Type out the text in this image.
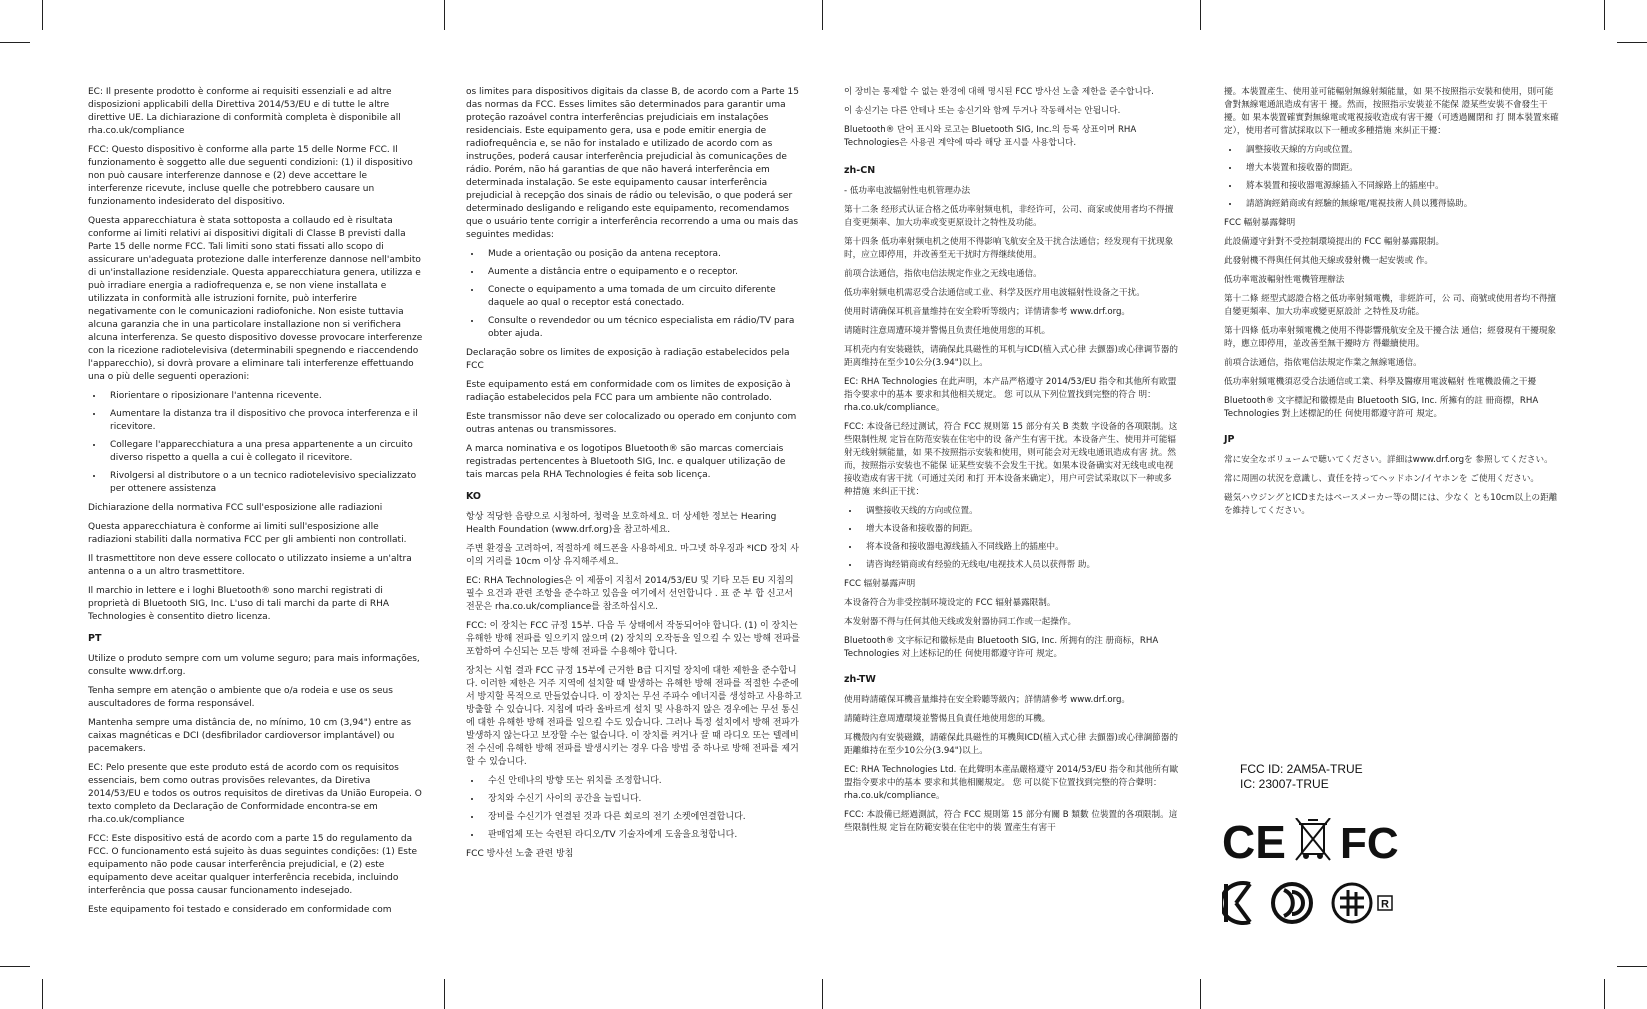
EC: Il presente prodotto è conforme ai requisiti essenziali e ad altre disposizioni applicabili della Direttiva 2014/53/EU e di tutte le altre direttive UE. La dichiarazione di conformità completa è disponibile all rha.co.uk/compliance

FCC: Questo dispositivo è conforme alla parte 15 delle Norme FCC. Il funzionamento è soggetto alle due seguenti condizioni: (1) il dispositivo non può causare interferenze dannose e (2) deve accettare le interferenze ricevute, incluse quelle che potrebbero causare un funzionamento indesiderato del dispositivo.

Questa apparecchiatura è stata sottoposta a collaudo ed è risultata conforme ai limiti relativi ai dispositivi digitali di Classe B previsti dalla Parte 15 delle norme FCC. Tali limiti sono stati fissati allo scopo di assicurare un'adeguata protezione dalle interferenze dannose nell'ambito di un'installazione residenziale. Questa apparecchiatura genera, utilizza e può irradiare energia a radiofrequenza e, se non viene installata e utilizzata in conformità alle istruzioni fornite, può interferire negativamente con le comunicazioni radiofoniche. Non esiste tuttavia alcuna garanzia che in una particolare installazione non si verifichera alcuna interferenza. Se questo dispositivo dovesse provocare interferenze con la ricezione radiotelevisiva (determinabili spegnendo e riaccendendo l'apparecchio), si dovrà provare a eliminare tali interferenze effettuando una o più delle seguenti operazioni:

• Riorientare o riposizionare l'antenna ricevente.
• Aumentare la distanza tra il dispositivo che provoca interferenza e il ricevitore.
• Collegare l'apparecchiatura a una presa appartenente a un circuito diverso rispetto a quella a cui è collegato il ricevitore.
• Rivolgersi al distributore o a un tecnico radiotelevisivo specializzato per ottenere assistenza

Dichiarazione della normativa FCC sull'esposizione alle radiazioni

Questa apparecchiatura è conforme ai limiti sull'esposizione alle radiazioni stabiliti dalla normativa FCC per gli ambienti non controllati.

Il trasmettitore non deve essere collocato o utilizzato insieme a un'altra antenna o a un altro trasmettitore.

Il marchio in lettere e i loghi Bluetooth® sono marchi registrati di proprietà di Bluetooth SIG, Inc. L'uso di tali marchi da parte di RHA Technologies è consentito dietro licenza.

PT

Utilize o produto sempre com um volume seguro; para mais informações, consulte www.drf.org.

Tenha sempre em atenção o ambiente que o/a rodeia e use os seus auscultadores de forma responsável.

Mantenha sempre uma distância de, no mínimo, 10 cm (3,94") entre as caixas magnéticas e DCI (desfibrilador cardioversor implantável) ou pacemakers.

EC: Pelo presente que este produto está de acordo com os requisitos essenciais, bem como outras provisões relevantes, da Diretiva 2014/53/EU e todos os outros requisitos de diretivas da União Europeia. O texto completo da Declaração de Conformidade encontra-se em rha.co.uk/compliance

FCC: Este dispositivo está de acordo com a parte 15 do regulamento da FCC. O funcionamento está sujeito às duas seguintes condições: (1) Este equipamento não pode causar interferência prejudicial, e (2) este equipamento deve aceitar qualquer interferência recebida, incluindo interferência que possa causar funcionamento indesejado.

Este equipamento foi testado e considerado em conformidade com

os limites para dispositivos digitais da classe B, de acordo com a Parte 15 das normas da FCC. Esses limites são determinados para garantir uma proteção razoável contra interferências prejudiciais em instalações residenciais. Este equipamento gera, usa e pode emitir energia de radiofrequência e, se não for instalado e utilizado de acordo com as instruções, poderá causar interferência prejudicial às comunicações de rádio. Porém, não há garantias de que não haverá interferência em determinada instalação. Se este equipamento causar interferência prejudicial à recepção dos sinais de rádio ou televisão, o que poderá ser determinado desligando e religando este equipamento, recomendamos que o usuário tente corrigir a interferência recorrendo a uma ou mais das seguintes medidas:

• Mude a orientação ou posição da antena receptora.
• Aumente a distância entre o equipamento e o receptor.
• Conecte o equipamento a uma tomada de um circuito diferente daquele ao qual o receptor está conectado.
• Consulte o revendedor ou um técnico especialista em rádio/TV para obter ajuda.

Declaração sobre os limites de exposição à radiação estabelecidos pela FCC

Este equipamento está em conformidade com os limites de exposição à radiação estabelecidos pela FCC para um ambiente não controlado.

Este transmissor não deve ser colocalizado ou operado em conjunto com outras antenas ou transmissores.

A marca nominativa e os logotipos Bluetooth® são marcas comerciais registradas pertencentes à Bluetooth SIG, Inc. e qualquer utilização de tais marcas pela RHA Technologies é feita sob licença.

KO

항상 적당한 음량으로 시청하여, 청력을 보호하세요. 더 상세한 정보는 Hearing Health Foundation (www.drf.org)을 참고하세요.

주변 환경을 고려하여, 적절하게 헤드폰을 사용하세요. 마그넷 하우징과 *ICD 장치 사이의 거리를 10cm 이상 유지해주세요.

EC: RHA Technologies은 이 제품이 지침서 2014/53/EU 및 기타 모든 EU 지침의 필수 요건과 관련 조항을 준수하고 있음을 여기에서 선언합니다 . 표 준 부 합 신고서 전문은 rha.co.uk/compliance를 참조하십시오.

FCC: 이 장치는 FCC 규정 15부. 다음 두 상태에서 작동되어야 합니다. (1) 이 장치는 유해한 방해 전파를 일으키지 않으며 (2) 장치의 오작동을 일으킬 수 있는 방해 전파를 포함하여 수신되는 모든 방해 전파를 수용해야 합니다.

장치는 시험 결과 FCC 규정 15부에 근거한 B급 디지털 장치에 대한 제한을 준수합니다. 이러한 제한은 거주 지역에 설치할 때 발생하는 유해한 방해 전파를 적절한 수준에서 방지할 목적으로 만들었습니다. 이 장치는 무선 주파수 에너지를 생성하고 사용하고 방출할 수 있습니다. 지침에 따라 올바르게 설치 및 사용하지 않은 경우에는 무선 통신에 대한 유해한 방해 전파를 일으킬 수도 있습니다. 그러나 특정 설치에서 방해 전파가 발생하지 않는다고 보장할 수는 없습니다. 이 장치를 켜거나 끌 때 라디오 또는 텔레비전 수신에 유해한 방해 전파를 발생시키는 경우 다음 방법 중 하나로 방해 전파를 제거할 수 있습니다.

• 수신 안테나의 방향 또는 위치를 조정합니다.
• 장치와 수신기 사이의 공간을 늘립니다.
• 장비를 수신기가 연결된 것과 다른 회로의 전기 소켓에연결합니다.
• 판매업체 또는 숙련된 라디오/TV 기술자에게 도움을요청합니다.

FCC 방사선 노출 관련 방침

이 장비는 통제할 수 없는 환경에 대해 명시된 FCC 방사선 노출 제한을 준수합니다.

이 송신기는 다른 안테나 또는 송신기와 함께 두거나 작동해서는 안됩니다.

Bluetooth® 단어 표시와 로고는 Bluetooth SIG, Inc.의 등록 상표이며 RHA Technologies은 사용권 계약에 따라 해당 표시를 사용합니다.

zh-CN

- 低功率电波辐射性电机管理办法

第十二条 经形式认证合格之低功率射频电机，非经许可，公司、商家或使用者均不得擅自变更频率、加大功率或变更原设计之特性及功能。

第十四条 低功率射频电机之使用不得影响飞航安全及干扰合法通信；经发现有干扰现象时，应立即停用，并改善至无干扰时方得继续使用。

前项合法通信，指依电信法规定作业之无线电通信。

低功率射频电机需忍受合法通信或工业、科学及医疗用电波辐射性设备之干扰。

使用时请确保耳机音量维持在安全聆听等级内；详情请参考 www.drf.org。

请随时注意周遭环境并警惕且负责任地使用您的耳机。

耳机壳内有安装磁铁，请确保此具磁性的耳机与ICD(植入式心律 去颤器)或心律调节器的距离维持在至少10公分(3.94")以上。

EC: RHA Technologies 在此声明，本产品严格遵守 2014/53/EU 指令和其他所有欧盟指令要求中的基本 要求和其他相关规定。 您 可以从下列位置找到完整的符合 明： rha.co.uk/compliance。

FCC: 本设备已经过测试，符合 FCC 规则第 15 部分有关 B 类数 字设备的各项限制。这些限制性规 定旨在防范安装在住宅中的设 备产生有害干扰。本设备产生、使用并可能辐射无线射频能量，如 果不按照指示安装和使用，则可能会对无线电通讯造成有害 扰。然而，按照指示安装也不能保 证某些安装不会发生干扰。如果本设备确实对无线电或电视接收造成有害干扰（可通过关闭 和打 开本设备来确定），用户可尝试采取以下一种或多种措施 来纠正干扰：

• 调整接收天线的方向或位置。
• 增大本设备和接收器的间距。
• 将本设备和接收器电源线插入不同线路上的插座中。
• 请咨询经销商或有经验的无线电/电视技术人员以获得帮 助。

FCC 辐射暴露声明

本设备符合为非受控制环境设定的 FCC 辐射暴露限制。

本发射器不得与任何其他天线或发射器协同工作或一起操作。

Bluetooth® 文字标记和徽标是由 Bluetooth SIG, Inc. 所拥有的注 册商标，RHA Technologies 对上述标记的任 何使用都遵守许可 规定。

zh-TW

使用時請確保耳機音量維持在安全聆聽等級內；詳情請參考 www.drf.org。

請隨時注意周遭環境並警惕且負責任地使用您的耳機。

耳機殼內有安裝磁鐵，請確保此具磁性的耳機與ICD(植入式心律 去顫器)或心律調節器的距離維持在至少10公分(3.94")以上。

EC: RHA Technologies Ltd. 在此聲明本產品嚴格遵守 2014/53/EU 指令和其他所有歐盟指令要求中的基本 要求和其他相關規定。 您 可以從下位置找到完整的符合聲明：rha.co.uk/compliance。

FCC: 本設備已經過測試，符合 FCC 規則第 15 部分有關 B 類數 位裝置的各項限制。這些限制性規 定旨在防範安裝在住宅中的裝 置產生有害干

擾。本裝置產生、使用並可能輻射無線射頻能量，如 果不按照指示安裝和使用，則可能會對無線電通訊造成有害干 擾。然而，按照指示安裝並不能保 證某些安裝不會發生干擾。如 果本裝置確實對無線電或電視接收造成有害干擾（可透過關閉和 打 開本裝置來確定），使用者可嘗試採取以下一種或多種措施 來糾正干擾：

• 調整接收天線的方向或位置。
• 增大本裝置和接收器的間距。
• 將本裝置和接收器電源線插入不同線路上的插座中。
• 請諮詢經銷商或有經驗的無線電/電視技術人員以獲得協助。

FCC 輻射暴露聲明

此設備遵守針對不受控制環境提出的 FCC 輻射暴露限制。

此發射機不得與任何其他天線或發射機一起安裝或 作。

低功率電波輻射性電機管理辦法

第十二條 經型式認證合格之低功率射頻電機，非經許可，公 司、商號或使用者均不得擅自變更頻率、加大功率或變更原設計 之特性及功能。

第十四條 低功率射頻電機之使用不得影響飛航安全及干擾合法 通信；經發現有干擾現象時，應立即停用，並改善至無干擾時方 得繼續使用。

前項合法通信，指依電信法規定作業之無線電通信。

低功率射頻電機須忍受合法通信或工業、科學及醫療用電波輻射 性電機設備之干擾

Bluetooth® 文字標記和徽標是由 Bluetooth SIG, Inc. 所擁有的註 冊商標，RHA Technologies 對上述標記的任 何使用都遵守許可 規定。

JP

常に安全なボリュームで聴いてください。詳細はwww.drf.orgを 参照してください。

常に周囲の状況を意識し、責任を持ってヘッドホン/イヤホンを ご使用ください。

磁気ハウジングとICDまたはペースメーカー等の間には、少なく とも10cm以上の距離を維持してください。

FCC ID: 2AM5A-TRUE
IC: 23007-TRUE
CE FC
R
